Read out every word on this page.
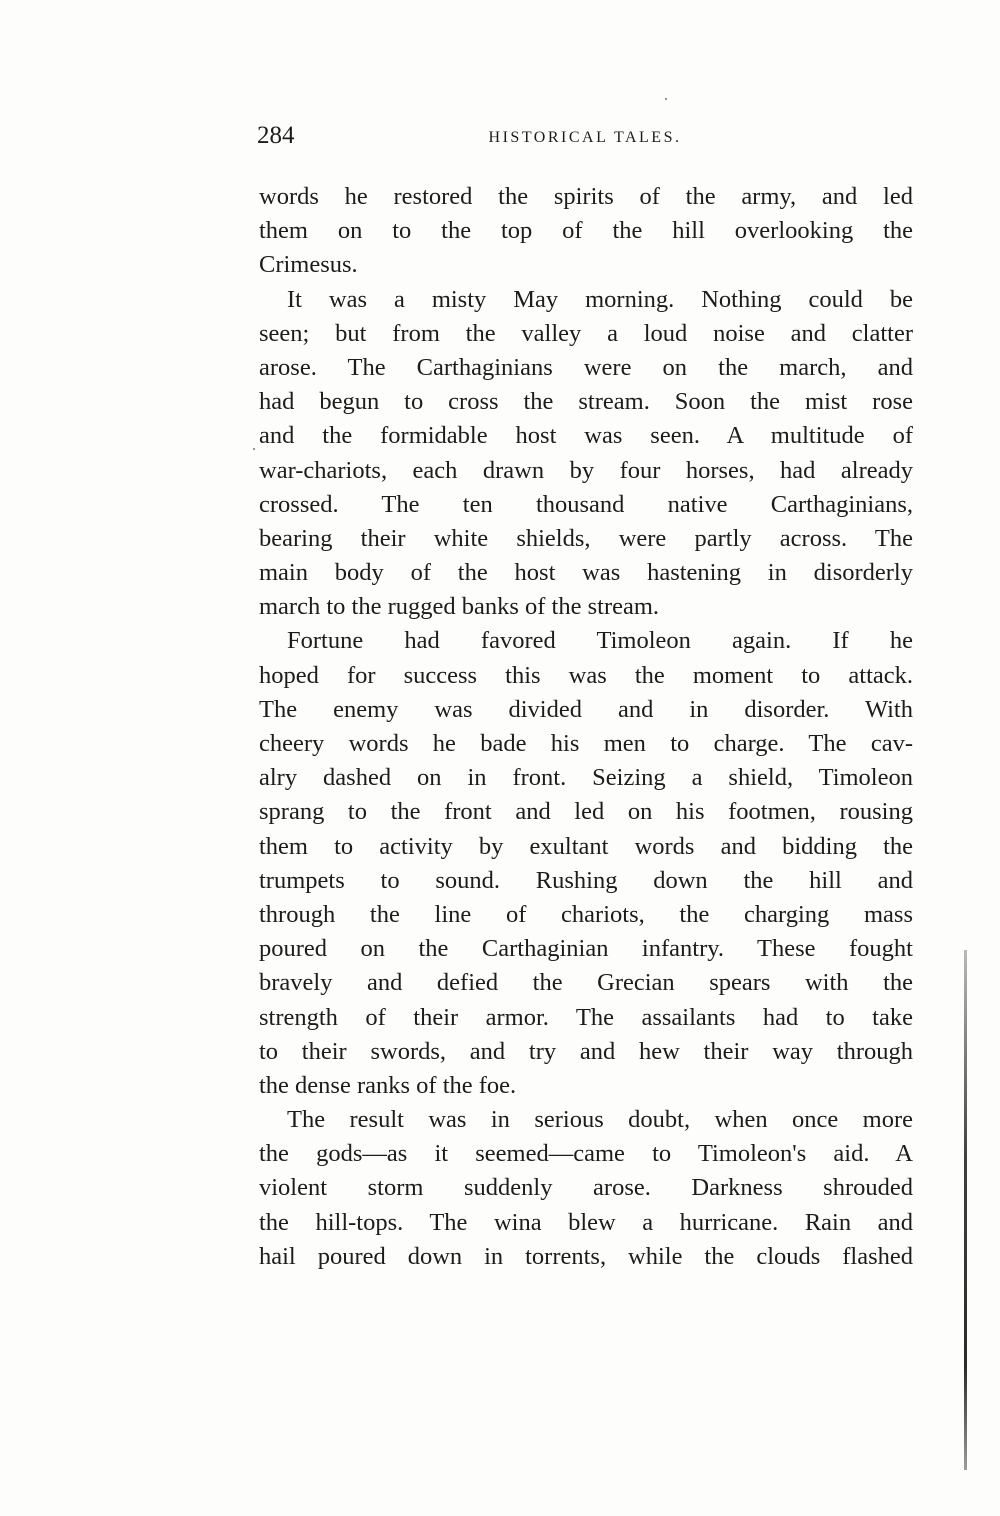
284	HISTORICAL TALES.
words he restored the spirits of the army, and led
them on to the top of the hill overlooking the
Crimesus.
It was a misty May morning. Nothing could be
seen; but from the valley a loud noise and clatter
arose. The Carthaginians were on the march, and
had begun to cross the stream. Soon the mist rose
and the formidable host was seen. A multitude of
war-chariots, each drawn by four horses, had already
crossed. The ten thousand native Carthaginians,
bearing their white shields, were partly across. The
main body of the host was hastening in disorderly
march to the rugged banks of the stream.
Fortune had favored Timoleon again. If he
hoped for success this was the moment to attack.
The enemy was divided and in disorder. With
cheery words he bade his men to charge. The cav-
alry dashed on in front. Seizing a shield, Timoleon
sprang to the front and led on his footmen, rousing
them to activity by exultant words and bidding the
trumpets to sound. Rushing down the hill and
through the line of chariots, the charging mass
poured on the Carthaginian infantry. These fought
bravely and defied the Grecian spears with the
strength of their armor. The assailants had to take
to their swords, and try and hew their way through
the dense ranks of the foe.
The result was in serious doubt, when once more
the gods—as it seemed—came to Timoleon's aid. A
violent storm suddenly arose. Darkness shrouded
the hill-tops. The wina blew a hurricane. Rain and
hail poured down in torrents, while the clouds flashed
